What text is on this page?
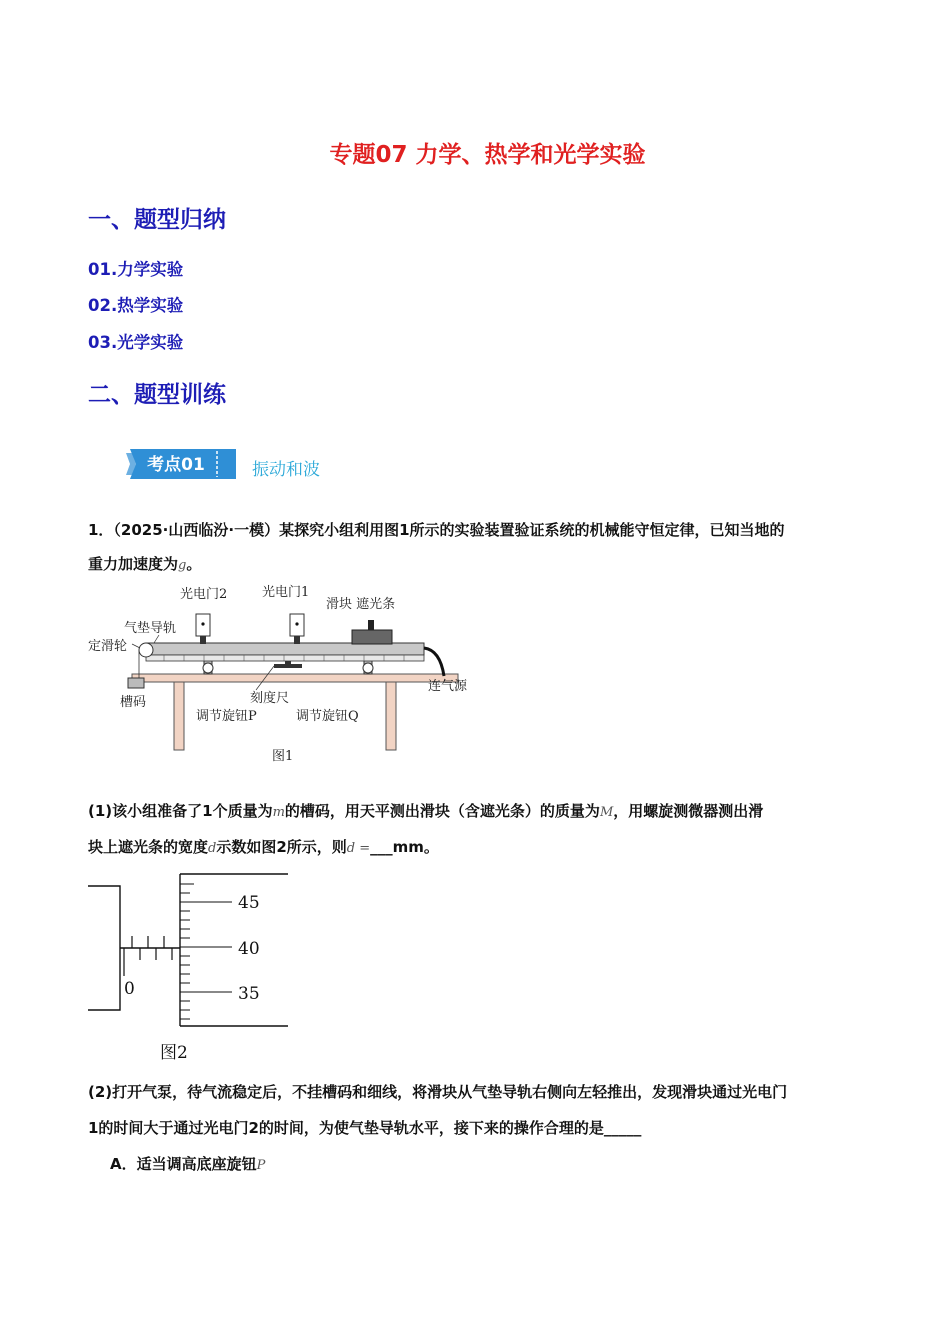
专题07 力学、热学和光学实验
一、题型归纳
01.力学实验
02.热学实验
03.光学实验
二、题型训练
考点01	振动和波
1．（2025·山西临汾·一模）某探究小组利用图1所示的实验装置验证系统的机械能守恒定律，已知当地的
重力加速度为g。
光电门2	光电门1
滑块 遮光条
气垫导轨
定滑轮
槽码
调节旋钮P
刻度尺
调节旋钮Q
连气源
图1
(1)该小组准备了1个质量为m的槽码，用天平测出滑块（含遮光条）的质量为M，用螺旋测微器测出滑
块上遮光条的宽度d示数如图2所示，则d =___mm。
45
40
35
0
图2
(2)打开气泵，待气流稳定后，不挂槽码和细线，将滑块从气垫导轨右侧向左轻推出，发现滑块通过光电门
1的时间大于通过光电门2的时间，为使气垫导轨水平，接下来的操作合理的是_____
A．适当调高底座旋钮P
